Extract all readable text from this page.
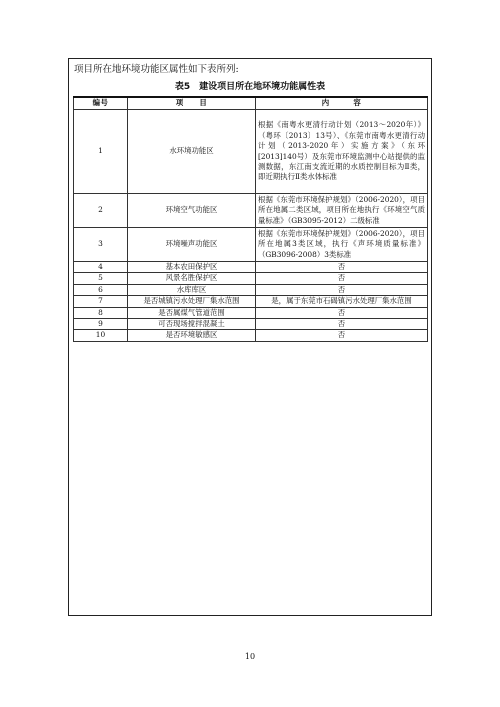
项目所在地环境功能区属性如下表所列:
表5　建设项目所在地环境功能属性表
编号	项　　目	内　　　容
1	水环境功能区	根据《南粤水更清行动计划（2013～2020年）》（粤环〔2013〕13号）、《东莞市南粤水更清行动计划（2013-2020年）实施方案》（东环[2013]140号）及东莞市环境监测中心站提供的监测数据，东江南支流近期的水质控制目标为Ⅱ类，即近期执行Ⅱ类水体标准
2	环境空气功能区	根据《东莞市环境保护规划》（2006-2020），项目所在地属二类区域，项目所在地执行《环境空气质量标准》（GB3095-2012）二级标准
3	环境噪声功能区	根据《东莞市环境保护规划》（2006-2020），项目所在地属3类区域，执行《声环境质量标准》（GB3096-2008）3类标准
4	基本农田保护区	否
5	风景名胜保护区	否
6	水库库区	否
7	是否城镇污水处理厂集水范围	是，属于东莞市石碣镇污水处理厂集水范围
8	是否属煤气管道范围	否
9	可否现场搅拌混凝土	否
10	是否环境敏感区	否
10
